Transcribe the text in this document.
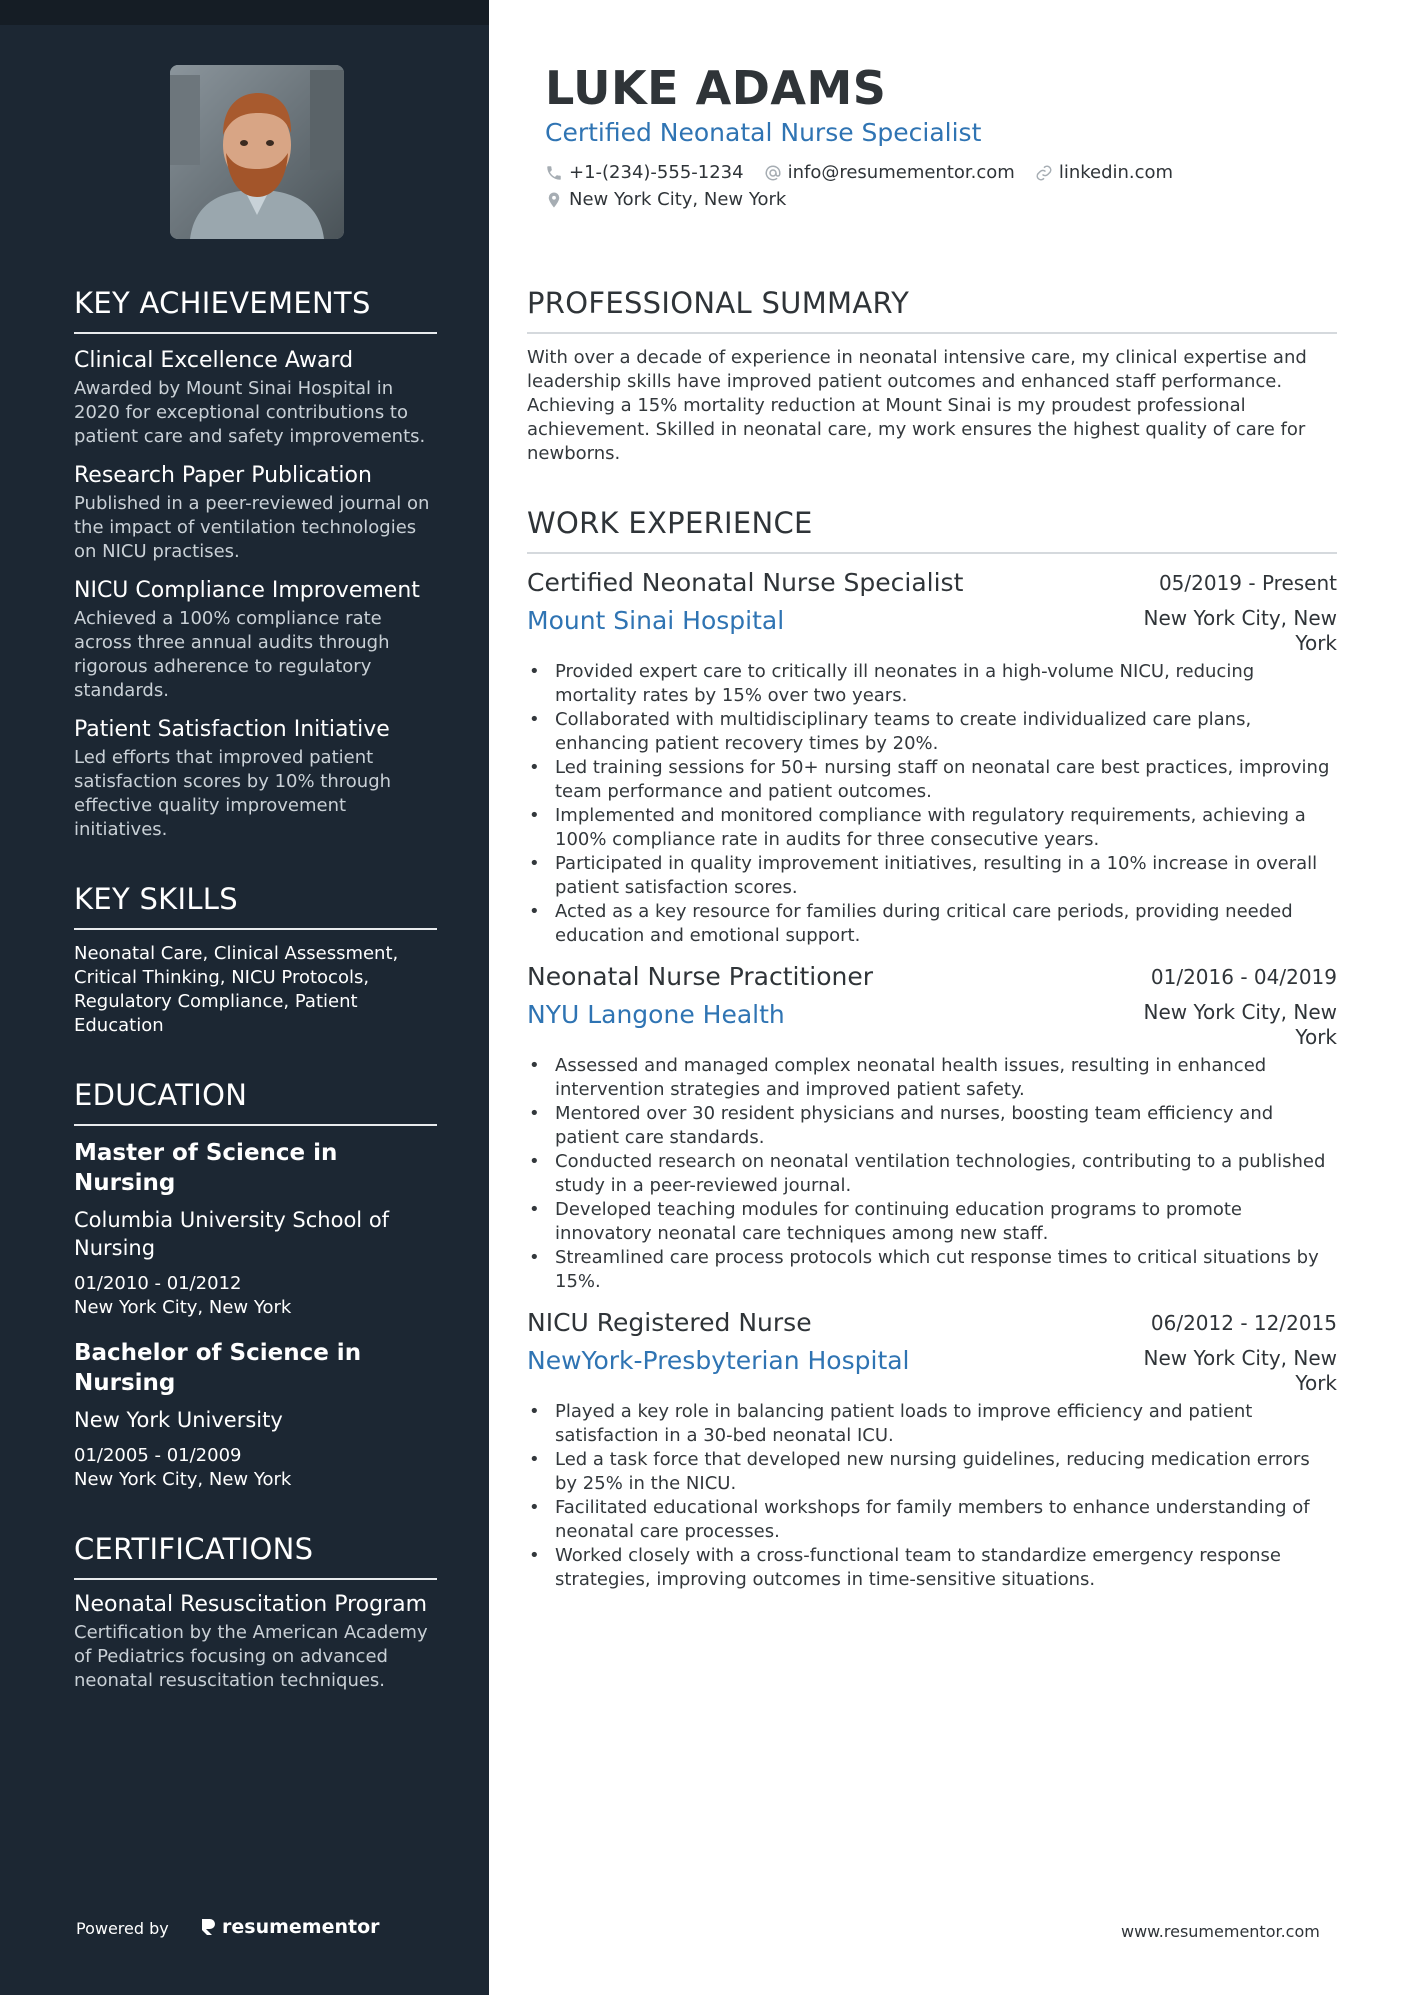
KEY ACHIEVEMENTS
Clinical Excellence Award

Awarded by Mount Sinai Hospital in 2020 for exceptional contributions to patient care and safety improvements.

Research Paper Publication

Published in a peer-reviewed journal on the impact of ventilation technologies on NICU practises.

NICU Compliance Improvement

Achieved a 100% compliance rate across three annual audits through rigorous adherence to regulatory standards.

Patient Satisfaction Initiative

Led efforts that improved patient satisfaction scores by 10% through effective quality improvement initiatives.

KEY SKILLS

Neonatal Care, Clinical Assessment, Critical Thinking, NICU Protocols, Regulatory Compliance, Patient Education

EDUCATION
Master of Science in Nursing
Columbia University School of Nursing
01/2010 - 01/2012
New York City, New York
Bachelor of Science in Nursing
New York University
01/2005 - 01/2009
New York City, New York
CERTIFICATIONS
Neonatal Resuscitation Program

Certification by the American Academy of Pediatrics focusing on advanced neonatal resuscitation techniques.

Powered by	resumementor
LUKE ADAMS
Certified Neonatal Nurse Specialist
+1-(234)-555-1234 info@resumementor.com linkedin.com
New York City, New York
PROFESSIONAL SUMMARY

With over a decade of experience in neonatal intensive care, my clinical expertise and leadership skills have improved patient outcomes and enhanced staff performance. Achieving a 15% mortality reduction at Mount Sinai is my proudest professional achievement. Skilled in neonatal care, my work ensures the highest quality of care for newborns.

WORK EXPERIENCE
Certified Neonatal Nurse Specialist	05/2019 - Present
Mount Sinai Hospital	New York City, New York
• Provided expert care to critically ill neonates in a high-volume NICU, reducing mortality rates by 15% over two years.
• Collaborated with multidisciplinary teams to create individualized care plans, enhancing patient recovery times by 20%.
• Led training sessions for 50+ nursing staff on neonatal care best practices, improving team performance and patient outcomes.
• Implemented and monitored compliance with regulatory requirements, achieving a 100% compliance rate in audits for three consecutive years.
• Participated in quality improvement initiatives, resulting in a 10% increase in overall patient satisfaction scores.
• Acted as a key resource for families during critical care periods, providing needed education and emotional support.
Neonatal Nurse Practitioner	01/2016 - 04/2019
NYU Langone Health	New York City, New York
• Assessed and managed complex neonatal health issues, resulting in enhanced intervention strategies and improved patient safety.
• Mentored over 30 resident physicians and nurses, boosting team efficiency and patient care standards.
• Conducted research on neonatal ventilation technologies, contributing to a published study in a peer-reviewed journal.
• Developed teaching modules for continuing education programs to promote innovatory neonatal care techniques among new staff.
• Streamlined care process protocols which cut response times to critical situations by 15%.
NICU Registered Nurse	06/2012 - 12/2015
NewYork-Presbyterian Hospital	New York City, New York
• Played a key role in balancing patient loads to improve efficiency and patient satisfaction in a 30-bed neonatal ICU.
• Led a task force that developed new nursing guidelines, reducing medication errors by 25% in the NICU.
• Facilitated educational workshops for family members to enhance understanding of neonatal care processes.
• Worked closely with a cross-functional team to standardize emergency response strategies, improving outcomes in time-sensitive situations.
www.resumementor.com
